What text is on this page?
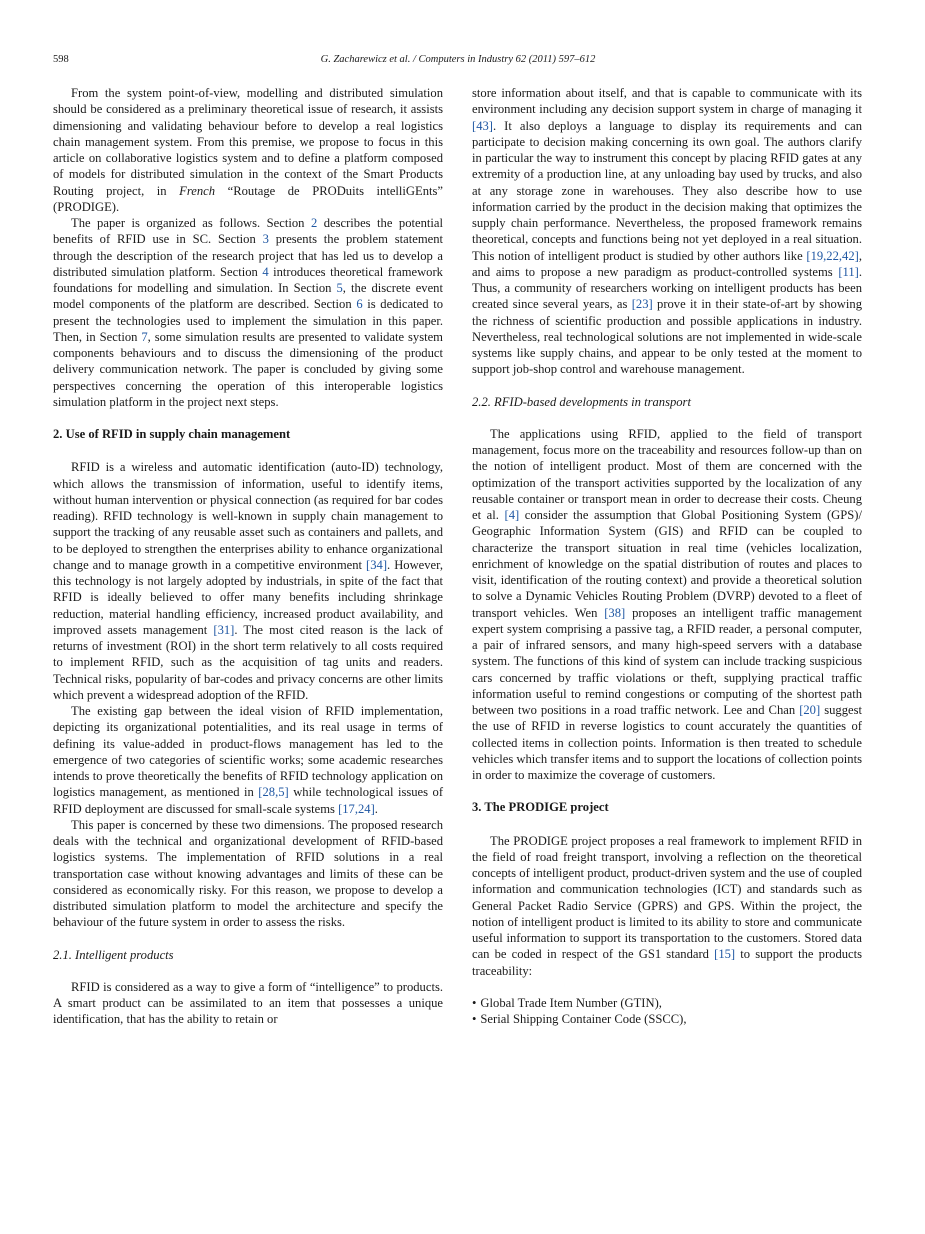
598	G. Zacharewicz et al. / Computers in Industry 62 (2011) 597–612

From the system point-of-view, modelling and distributed simulation should be considered as a preliminary theoretical issue of research, it assists dimensioning and validating behaviour before to develop a real logistics chain management system. From this premise, we propose to focus in this article on collaborative logistics system and to define a platform composed of models for distributed simulation in the context of the Smart Products Routing project, in French “Routage de PRODuits intelliGEnts” (PRODIGE).

The paper is organized as follows. Section 2 describes the potential benefits of RFID use in SC. Section 3 presents the problem statement through the description of the research project that has led us to develop a distributed simulation platform. Section 4 introduces theoretical framework foundations for modelling and simulation. In Section 5, the discrete event model components of the platform are described. Section 6 is dedicated to present the technologies used to implement the simulation in this paper. Then, in Section 7, some simulation results are presented to validate system components behaviours and to discuss the dimensioning of the product delivery communication network. The paper is concluded by giving some perspectives concerning the operation of this interoperable logistics simulation platform in the project next steps.

2. Use of RFID in supply chain management

RFID is a wireless and automatic identification (auto-ID) technology, which allows the transmission of information, useful to identify items, without human intervention or physical connection (as required for bar codes reading). RFID technology is well-known in supply chain management to support the tracking of any reusable asset such as containers and pallets, and to be deployed to strengthen the enterprises ability to enhance organizational change and to manage growth in a competitive environment [34]. However, this technology is not largely adopted by industrials, in spite of the fact that RFID is ideally believed to offer many benefits including shrinkage reduction, material handling efficiency, increased product availability, and improved assets management [31]. The most cited reason is the lack of returns of investment (ROI) in the short term relatively to all costs required to implement RFID, such as the acquisition of tag units and readers. Technical risks, popularity of bar-codes and privacy concerns are other limits which prevent a widespread adoption of the RFID.

The existing gap between the ideal vision of RFID implementation, depicting its organizational potentialities, and its real usage in terms of defining its value-added in product-flows management has led to the emergence of two categories of scientific works; some academic researches intends to prove theoretically the benefits of RFID technology application on logistics management, as mentioned in [28,5] while technological issues of RFID deployment are discussed for small-scale systems [17,24].

This paper is concerned by these two dimensions. The proposed research deals with the technical and organizational development of RFID-based logistics systems. The implementation of RFID solutions in a real transportation case without knowing advantages and limits of these can be considered as economically risky. For this reason, we propose to develop a distributed simulation platform to model the architecture and specify the behaviour of the future system in order to assess the risks.

2.1. Intelligent products

RFID is considered as a way to give a form of “intelligence” to products. A smart product can be assimilated to an item that possesses a unique identification, that has the ability to retain or

store information about itself, and that is capable to communicate with its environment including any decision support system in charge of managing it [43]. It also deploys a language to display its requirements and can participate to decision making concerning its own goal. The authors clarify in particular the way to instrument this concept by placing RFID gates at any extremity of a production line, at any unloading bay used by trucks, and also at any storage zone in warehouses. They also describe how to use information carried by the product in the decision making that optimizes the supply chain performance. Nevertheless, the proposed framework remains theoretical, concepts and functions being not yet deployed in a real situation. This notion of intelligent product is studied by other authors like [19,22,42], and aims to propose a new paradigm as product-controlled systems [11]. Thus, a community of researchers working on intelligent products has been created since several years, as [23] prove it in their state-of-art by showing the richness of scientific production and possible applications in industry. Nevertheless, real technological solutions are not implemented in wide-scale systems like supply chains, and appear to be only tested at the moment to support job-shop control and warehouse management.

2.2. RFID-based developments in transport

The applications using RFID, applied to the field of transport management, focus more on the traceability and resources follow-up than on the notion of intelligent product. Most of them are concerned with the optimization of the transport activities supported by the localization of any reusable container or transport mean in order to decrease their costs. Cheung et al. [4] consider the assumption that Global Positioning System (GPS)/ Geographic Information System (GIS) and RFID can be coupled to characterize the transport situation in real time (vehicles localization, enrichment of knowledge on the spatial distribution of routes and places to visit, identification of the routing context) and provide a theoretical solution to solve a Dynamic Vehicles Routing Problem (DVRP) devoted to a fleet of transport vehicles. Wen [38] proposes an intelligent traffic management expert system comprising a passive tag, a RFID reader, a personal computer, a pair of infrared sensors, and many high-speed servers with a database system. The functions of this kind of system can include tracking suspicious cars concerned by traffic violations or theft, supplying practical traffic information useful to remind congestions or computing of the shortest path between two positions in a road traffic network. Lee and Chan [20] suggest the use of RFID in reverse logistics to count accurately the quantities of collected items in collection points. Information is then treated to schedule vehicles which transfer items and to support the locations of collection points in order to maximize the coverage of customers.

3. The PRODIGE project

The PRODIGE project proposes a real framework to implement RFID in the field of road freight transport, involving a reflection on the theoretical concepts of intelligent product, product-driven system and the use of coupled information and communication technologies (ICT) and standards such as General Packet Radio Service (GPRS) and GPS. Within the project, the notion of intelligent product is limited to its ability to store and communicate useful information to support its transportation to the customers. Stored data can be coded in respect of the GS1 standard [15] to support the products traceability:

• Global Trade Item Number (GTIN),
• Serial Shipping Container Code (SSCC),
